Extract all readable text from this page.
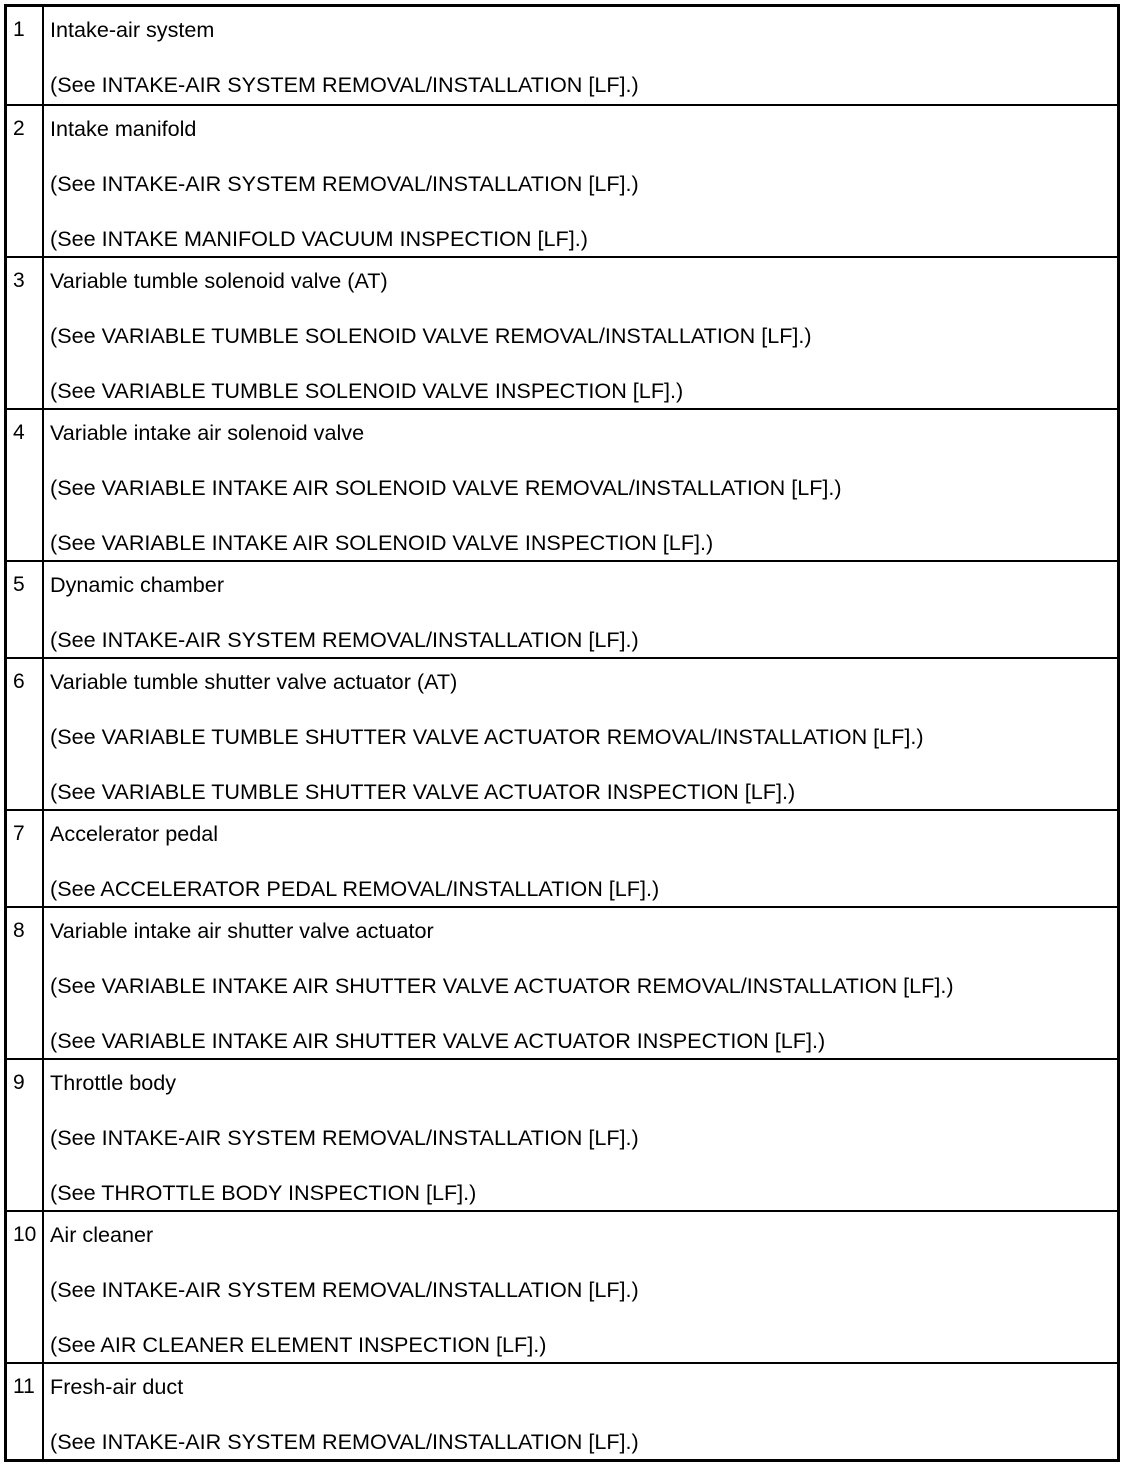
1	Intake-air system
(See INTAKE-AIR SYSTEM REMOVAL/INSTALLATION [LF].)
2	Intake manifold
(See INTAKE-AIR SYSTEM REMOVAL/INSTALLATION [LF].)
(See INTAKE MANIFOLD VACUUM INSPECTION [LF].)
3	Variable tumble solenoid valve (AT)
(See VARIABLE TUMBLE SOLENOID VALVE REMOVAL/INSTALLATION [LF].)
(See VARIABLE TUMBLE SOLENOID VALVE INSPECTION [LF].)
4	Variable intake air solenoid valve
(See VARIABLE INTAKE AIR SOLENOID VALVE REMOVAL/INSTALLATION [LF].)
(See VARIABLE INTAKE AIR SOLENOID VALVE INSPECTION [LF].)
5	Dynamic chamber
(See INTAKE-AIR SYSTEM REMOVAL/INSTALLATION [LF].)
6	Variable tumble shutter valve actuator (AT)
(See VARIABLE TUMBLE SHUTTER VALVE ACTUATOR REMOVAL/INSTALLATION [LF].)
(See VARIABLE TUMBLE SHUTTER VALVE ACTUATOR INSPECTION [LF].)
7	Accelerator pedal
(See ACCELERATOR PEDAL REMOVAL/INSTALLATION [LF].)
8	Variable intake air shutter valve actuator
(See VARIABLE INTAKE AIR SHUTTER VALVE ACTUATOR REMOVAL/INSTALLATION [LF].)
(See VARIABLE INTAKE AIR SHUTTER VALVE ACTUATOR INSPECTION [LF].)
9	Throttle body
(See INTAKE-AIR SYSTEM REMOVAL/INSTALLATION [LF].)
(See THROTTLE BODY INSPECTION [LF].)
10 Air cleaner
(See INTAKE-AIR SYSTEM REMOVAL/INSTALLATION [LF].)
(See AIR CLEANER ELEMENT INSPECTION [LF].)
11 Fresh-air duct
(See INTAKE-AIR SYSTEM REMOVAL/INSTALLATION [LF].)
